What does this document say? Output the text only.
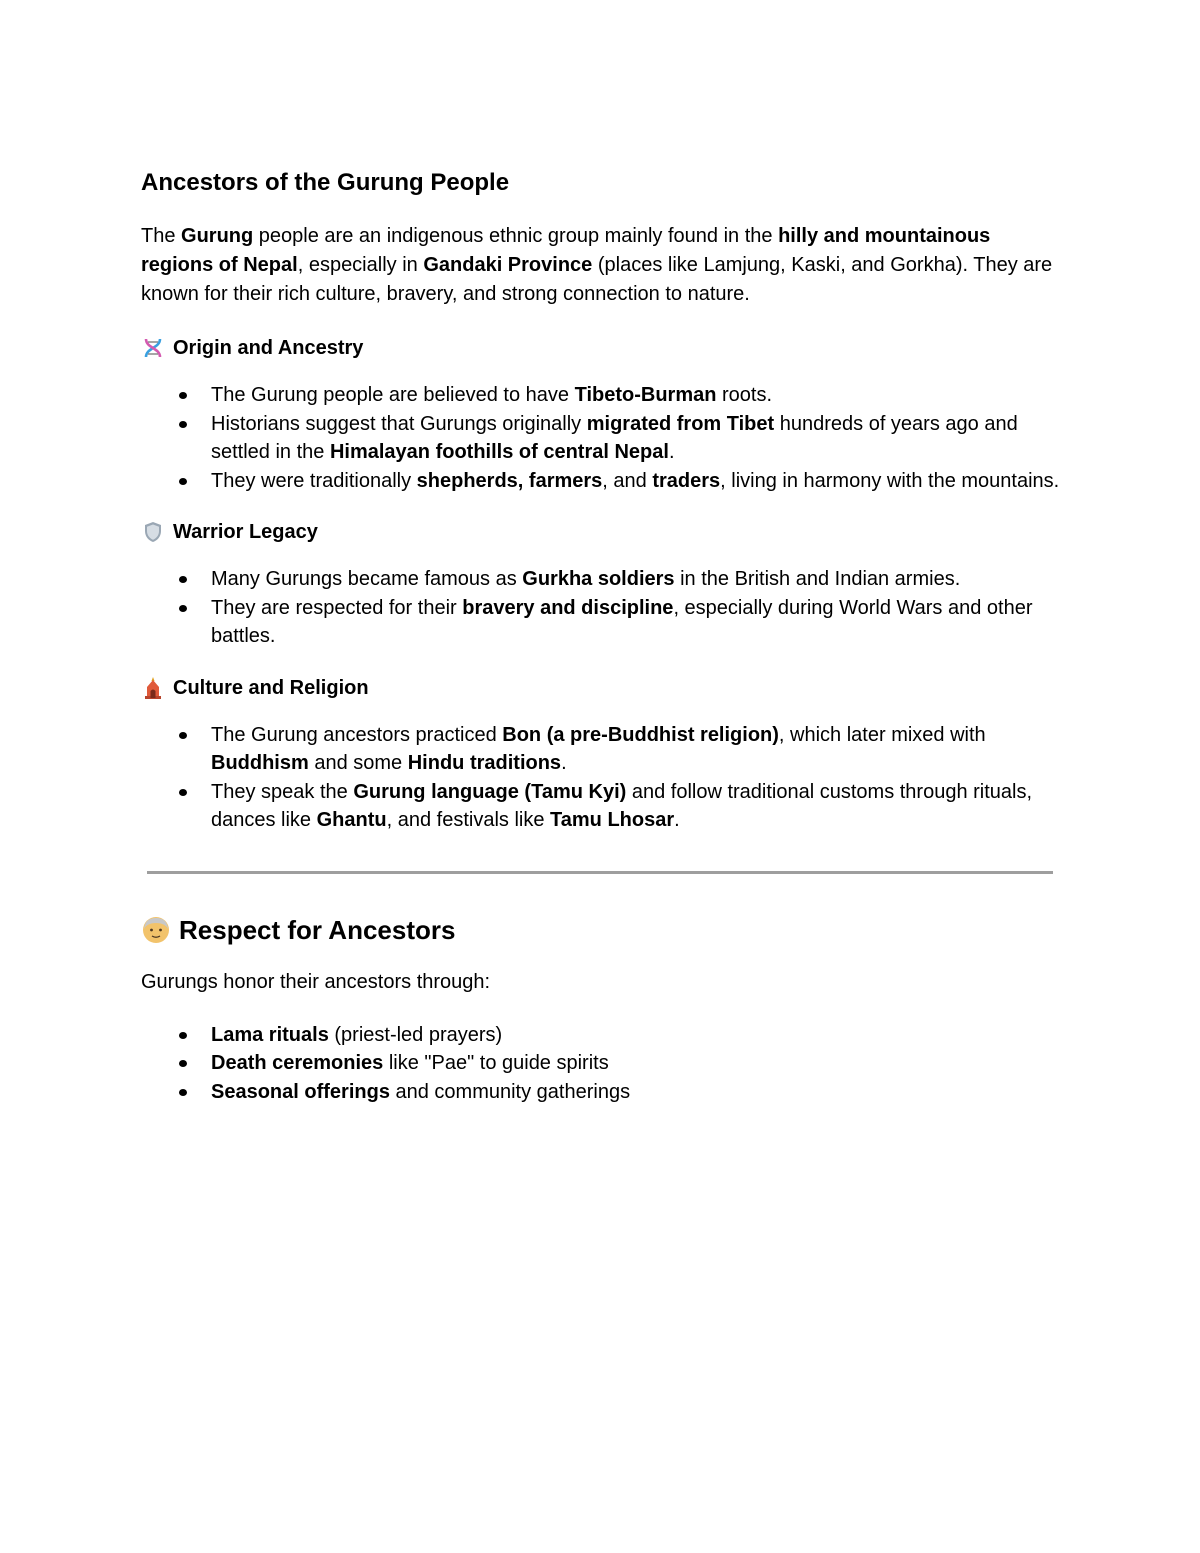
Ancestors of the Gurung People

The Gurung people are an indigenous ethnic group mainly found in the hilly and mountainous regions of Nepal, especially in Gandaki Province (places like Lamjung, Kaski, and Gorkha). They are known for their rich culture, bravery, and strong connection to nature.

Origin and Ancestry
The Gurung people are believed to have Tibeto-Burman roots.
Historians suggest that Gurungs originally migrated from Tibet hundreds of years ago and settled in the Himalayan foothills of central Nepal.
They were traditionally shepherds, farmers, and traders, living in harmony with the mountains.
Warrior Legacy
Many Gurungs became famous as Gurkha soldiers in the British and Indian armies.
They are respected for their bravery and discipline, especially during World Wars and other battles.
Culture and Religion
The Gurung ancestors practiced Bon (a pre-Buddhist religion), which later mixed with Buddhism and some Hindu traditions.
They speak the Gurung language (Tamu Kyi) and follow traditional customs through rituals, dances like Ghantu, and festivals like Tamu Lhosar.
Respect for Ancestors

Gurungs honor their ancestors through:

Lama rituals (priest-led prayers)
Death ceremonies like "Pae" to guide spirits
Seasonal offerings and community gatherings
